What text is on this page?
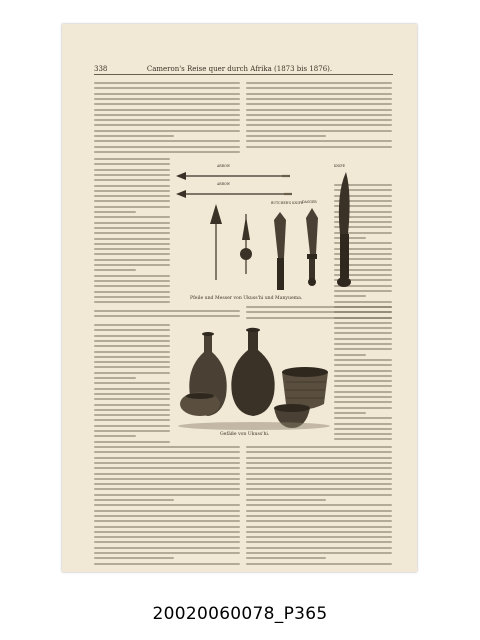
338	Cameron's Reise quer durch Afrika (1873 bis 1876).
ARROW
ARROW
BUTCHER'S KNIFE
DAGGER
KNIFE
Pfeile und Messer von Ukuss'hi und Manyuema.
Gefäße von Ukuss'hi.
20020060078_P365
